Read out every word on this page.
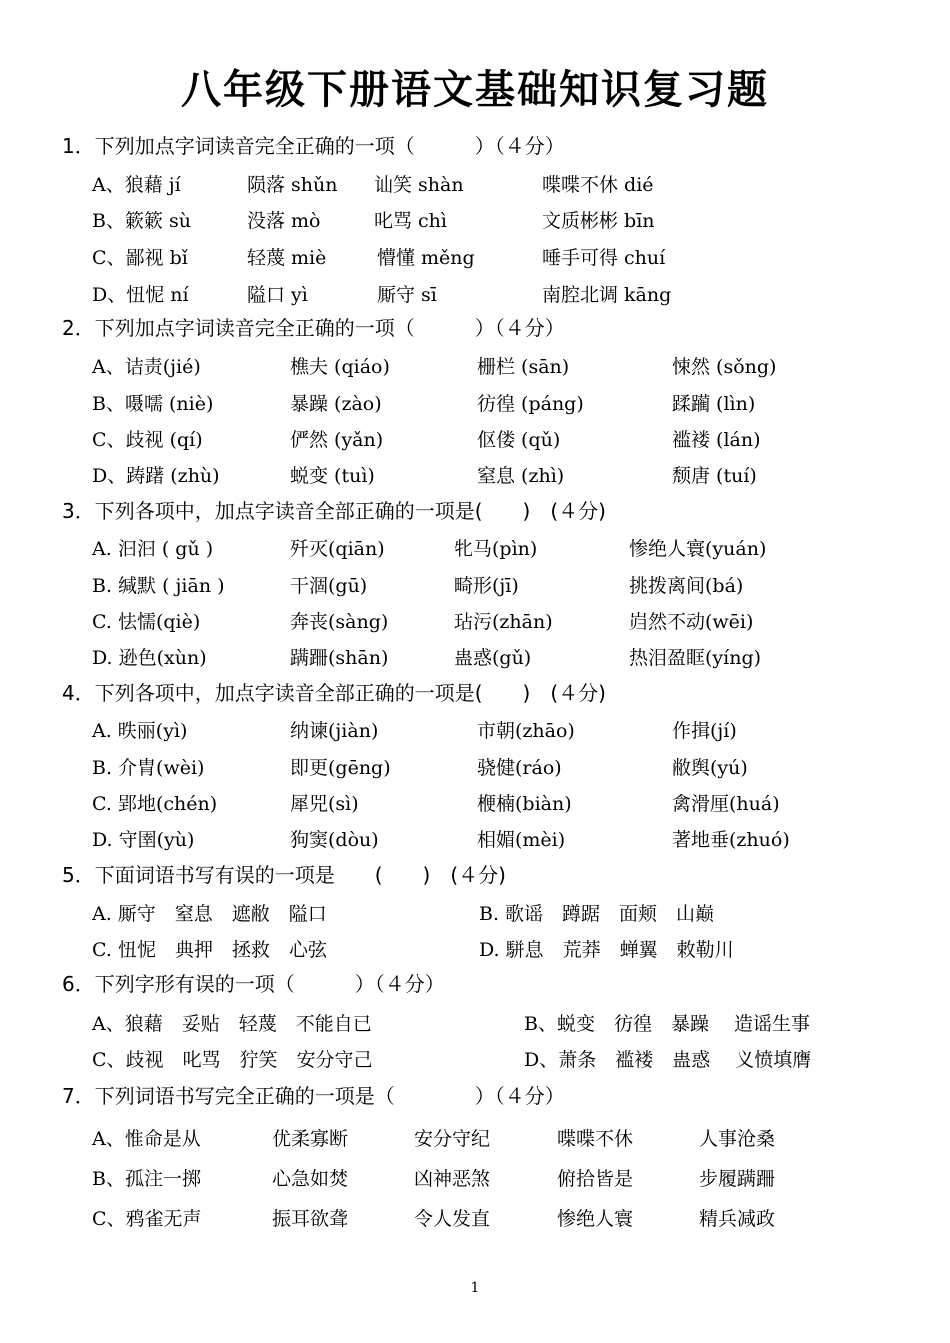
八年级下册语文基础知识复习题
1．下列加点字词读音完全正确的一项（　　　）（４分）
A、狼藉 jí	陨落 shǔn 讪笑 shàn	喋喋不休 dié
B、簌簌 sù	没落 mò	叱骂 chì	文质彬彬 bīn
C、鄙视 bǐ	轻蔑 miè	懵懂 měng	唾手可得 chuí
D、忸怩 ní	隘口 yì	厮守 sī	南腔北调 kāng
2．下列加点字词读音完全正确的一项（　　　）（４分）
A、诘责(jié)	樵夫 (qiáo)	栅栏 (sān)	悚然 (sǒng)
B、嗫嚅 (niè)	暴躁 (zào)	彷徨 (páng)	蹂躏 (lìn)
C、歧视 (qí)	俨然 (yǎn)	伛偻 (qǔ)	褴褛 (lán)
D、踌躇 (zhù)	蜕变 (tuì)	窒息 (zhì)	颓唐 (tuí)
3．下列各项中，加点字读音全部正确的一项是(　　)　(４分)
A. 汩汩 ( gǔ )	歼灭(qiān)	牝马(pìn)	惨绝人寰(yuán)
B. 缄默 ( jiān )	干涸(gū)	畸形(jī)	挑拨离间(bá)
C. 怯懦(qiè)	奔丧(sàng)	玷污(zhān)	岿然不动(wēi)
D. 逊色(xùn)	蹒跚(shān)	蛊惑(gǔ)	热泪盈眶(yíng)
4．下列各项中，加点字读音全部正确的一项是(　　)　(４分)
A. 昳丽(yì)	纳谏(jiàn)	市朝(zhāo)	作揖(jí)
B. 介胄(wèi)	即更(gēng)	骁健(ráo)	敝舆(yú)
C. 郢地(chén)	犀兕(sì)	楩楠(biàn)	禽滑厘(huá)
D. 守圉(yù)	狗窦(dòu)	相媚(mèi)	著地垂(zhuó)
5．下面词语书写有误的一项是　　(　　)　(４分)
A. 厮守　窒息　遮敝　隘口	B. 歌谣　蹲踞　面颊　山巅
C. 忸怩　典押　拯救　心弦	D. 駢息　荒莽　蝉翼　敕勒川
6．下列字形有误的一项（　　　）（４分）
A、狼藉　妥贴　轻蔑　不能自已	B、蜕变　彷徨　暴躁　 造谣生事
C、歧视　叱骂　狞笑　安分守己	D、萧条　褴褛　蛊惑　 义愤填膺
7．下列词语书写完全正确的一项是（　　　　）（４分）
A、惟命是从	优柔寡断	安分守纪	喋喋不休	人事沧桑
B、孤注一掷	心急如焚	凶神恶煞	俯拾皆是	步履蹒跚
C、鸦雀无声	振耳欲聋	令人发直	惨绝人寰	精兵减政
1
